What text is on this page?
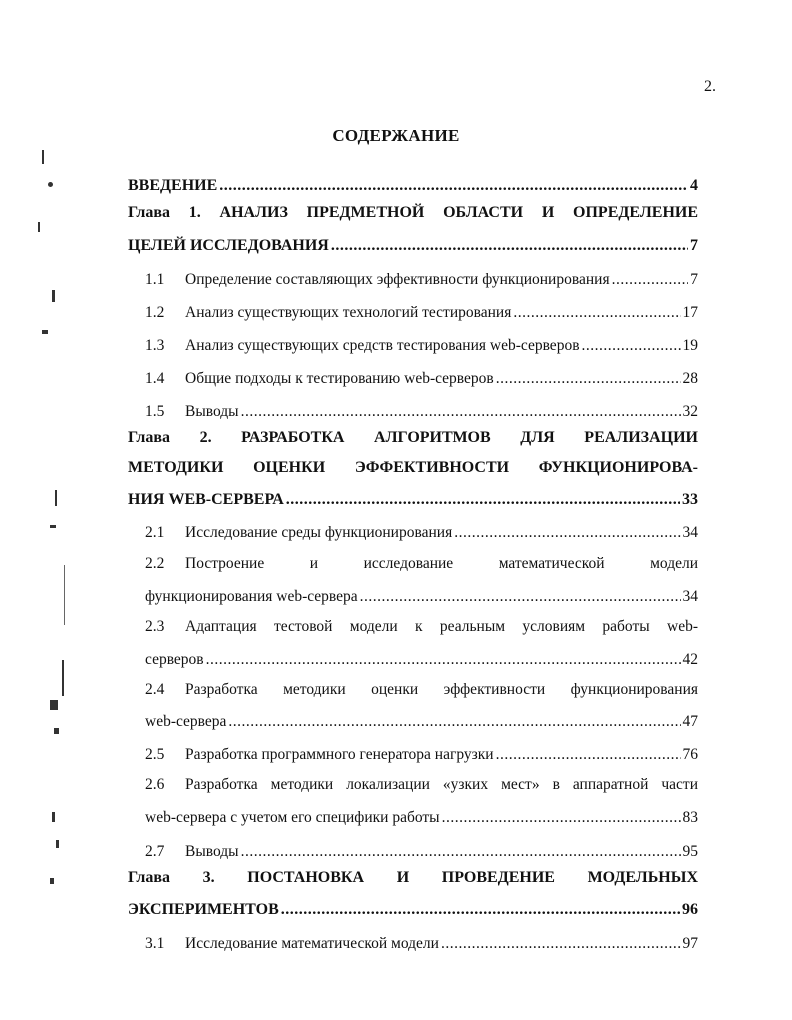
2.
СОДЕРЖАНИЕ
ВВЕДЕНИЕ .....	4
Глава 1. АНАЛИЗ ПРЕДМЕТНОЙ ОБЛАСТИ И ОПРЕДЕЛЕНИЕ
ЦЕЛЕЙ ИССЛЕДОВАНИЯ .....	7
1.1	Определение составляющих эффективности функционирования .....	7
1.2	Анализ существующих технологий тестирования .....	17
1.3	Анализ существующих средств тестирования web-серверов .....	19
1.4	Общие подходы к тестированию web-серверов .....	28
1.5	Выводы .....	32
Глава 2. РАЗРАБОТКА АЛГОРИТМОВ ДЛЯ РЕАЛИЗАЦИИ
МЕТОДИКИ ОЦЕНКИ ЭФФЕКТИВНОСТИ ФУНКЦИОНИРОВА-
НИЯ WEB-СЕРВЕРА .....	33
2.1	Исследование среды функционирования .....	34
2.2	Построение и исследование математической модели
функционирования web-сервера .....	34
2.3	Адаптация тестовой модели к реальным условиям работы web-
серверов .....	42
2.4	Разработка методики оценки эффективности функционирования
web-сервера .....	47
2.5	Разработка программного генератора нагрузки .....	76
2.6	Разработка методики локализации «узких мест» в аппаратной части
web-сервера с учетом его специфики работы .....	83
2.7	Выводы .....	95
Глава 3. ПОСТАНОВКА И ПРОВЕДЕНИЕ МОДЕЛЬНЫХ
ЭКСПЕРИМЕНТОВ .....	96
3.1	Исследование математической модели .....	97
